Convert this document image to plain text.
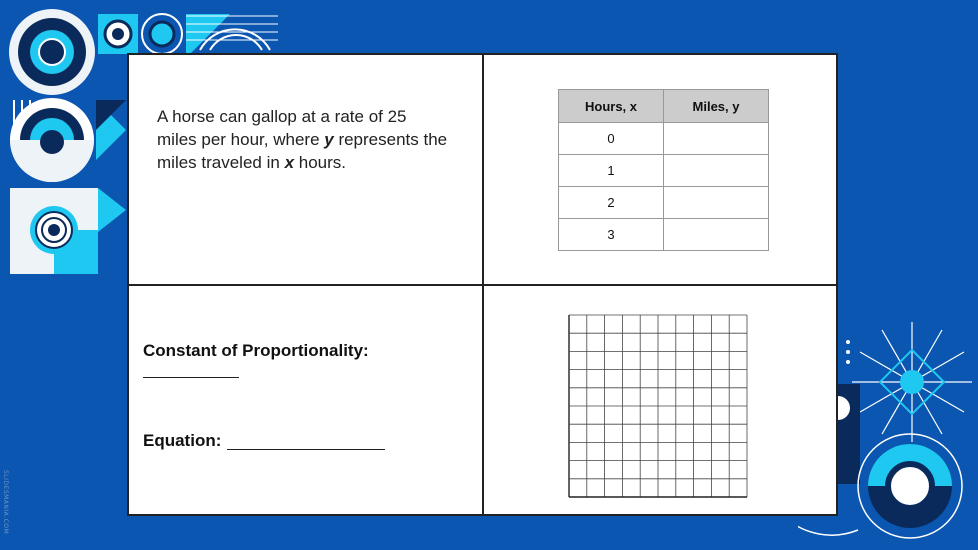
SLIDESMANIA.COM
A horse can gallop at a rate of 25
miles per hour, where y represents the
miles traveled in x hours.
Hours, x	Miles, y
0	
1	
2	
3	
Constant of Proportionality:
Equation:
